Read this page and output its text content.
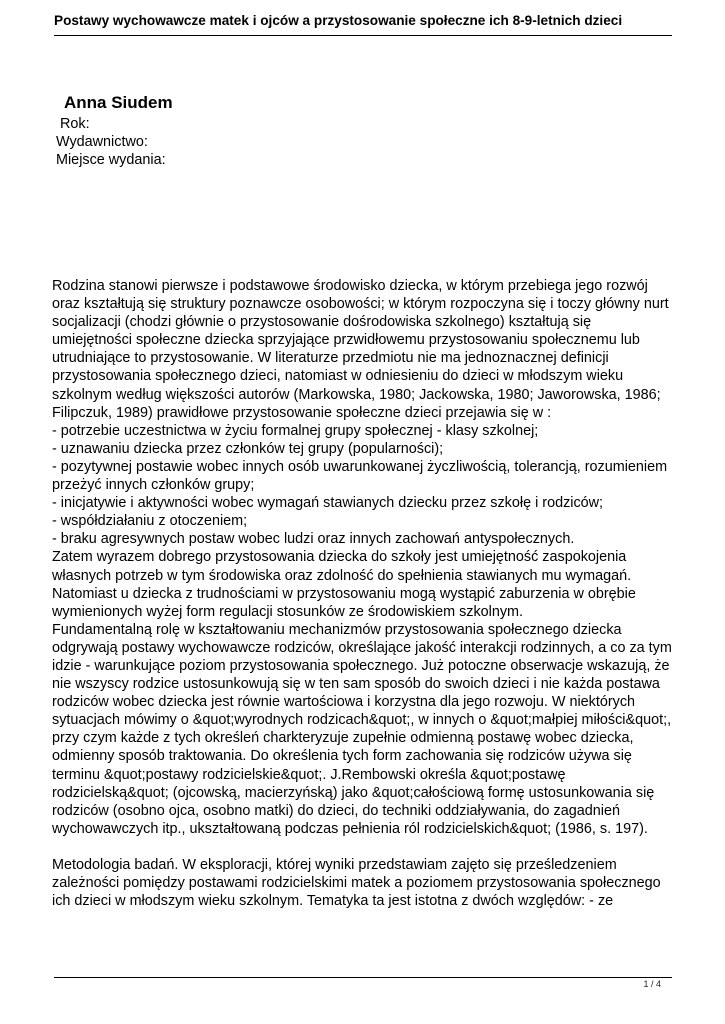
Postawy wychowawcze matek i ojców a przystosowanie społeczne ich 8-9-letnich dzieci
Anna Siudem
Rok:
Wydawnictwo:
Miejsce wydania:

Rodzina stanowi pierwsze i podstawowe środowisko dziecka, w którym przebiega jego rozwój oraz kształtują się struktury poznawcze osobowości; w którym rozpoczyna się i toczy główny nurt socjalizacji (chodzi głównie o przystosowanie dośrodowiska szkolnego) kształtują się umiejętności społeczne dziecka sprzyjające przwidłowemu przystosowaniu społecznemu lub utrudniające to przystosowanie. W literaturze przedmiotu nie ma jednoznacznej definicji przystosowania społecznego dzieci, natomiast w odniesieniu do dzieci w młodszym wieku szkolnym według większości autorów (Markowska, 1980; Jackowska, 1980; Jaworowska, 1986; Filipczuk, 1989) prawidłowe przystosowanie społeczne dzieci przejawia się w :

- potrzebie uczestnictwa w życiu formalnej grupy społecznej - klasy szkolnej;

- uznawaniu dziecka przez członków tej grupy (popularności);

- pozytywnej postawie wobec innych osób uwarunkowanej życzliwością, tolerancją, rozumieniem przeżyć innych członków grupy;

- inicjatywie i aktywności wobec wymagań stawianych dziecku przez szkołę i rodziców;

- współdziałaniu z otoczeniem;

- braku agresywnych postaw wobec ludzi oraz innych zachowań antyspołecznych.

Zatem wyrazem dobrego przystosowania dziecka do szkoły jest umiejętność zaspokojenia własnych potrzeb w tym środowiska oraz zdolność do spełnienia stawianych mu wymagań. Natomiast u dziecka z trudnościami w przystosowaniu mogą wystąpić zaburzenia w obrębie wymienionych wyżej form regulacji stosunków ze środowiskiem szkolnym.

Fundamentalną rolę w kształtowaniu mechanizmów przystosowania społecznego dziecka odgrywają postawy wychowawcze rodziców, określające jakość interakcji rodzinnych, a co za tym idzie - warunkujące poziom przystosowania społecznego. Już potoczne obserwacje wskazują, że nie wszyscy rodzice ustosunkowują się w ten sam sposób do swoich dzieci i nie każda postawa rodziców wobec dziecka jest równie wartościowa i korzystna dla jego rozwoju. W niektórych sytuacjach mówimy o &quot;wyrodnych rodzicach&quot;, w innych o &quot;małpiej miłości&quot;, przy czym każde z tych określeń charkteryzuje zupełnie odmienną postawę wobec dziecka, odmienny sposób traktowania. Do określenia tych form zachowania się rodziców używa się terminu &quot;postawy rodzicielskie&quot;. J.Rembowski określa &quot;postawę rodzicielską&quot; (ojcowską, macierzyńską) jako &quot;całościową formę ustosunkowania się rodziców (osobno ojca, osobno matki) do dzieci, do techniki oddziaływania, do zagadnień wychowawczych itp., ukształtowaną podczas pełnienia ról rodzicielskich&quot; (1986, s. 197).

Metodologia badań. W eksploracji, której wyniki przedstawiam zajęto się prześledzeniem zależności pomiędzy postawami rodzicielskimi matek a poziomem przystosowania społecznego ich dzieci w młodszym wieku szkolnym. Tematyka ta jest istotna z dwóch względów: - ze

1 / 4
